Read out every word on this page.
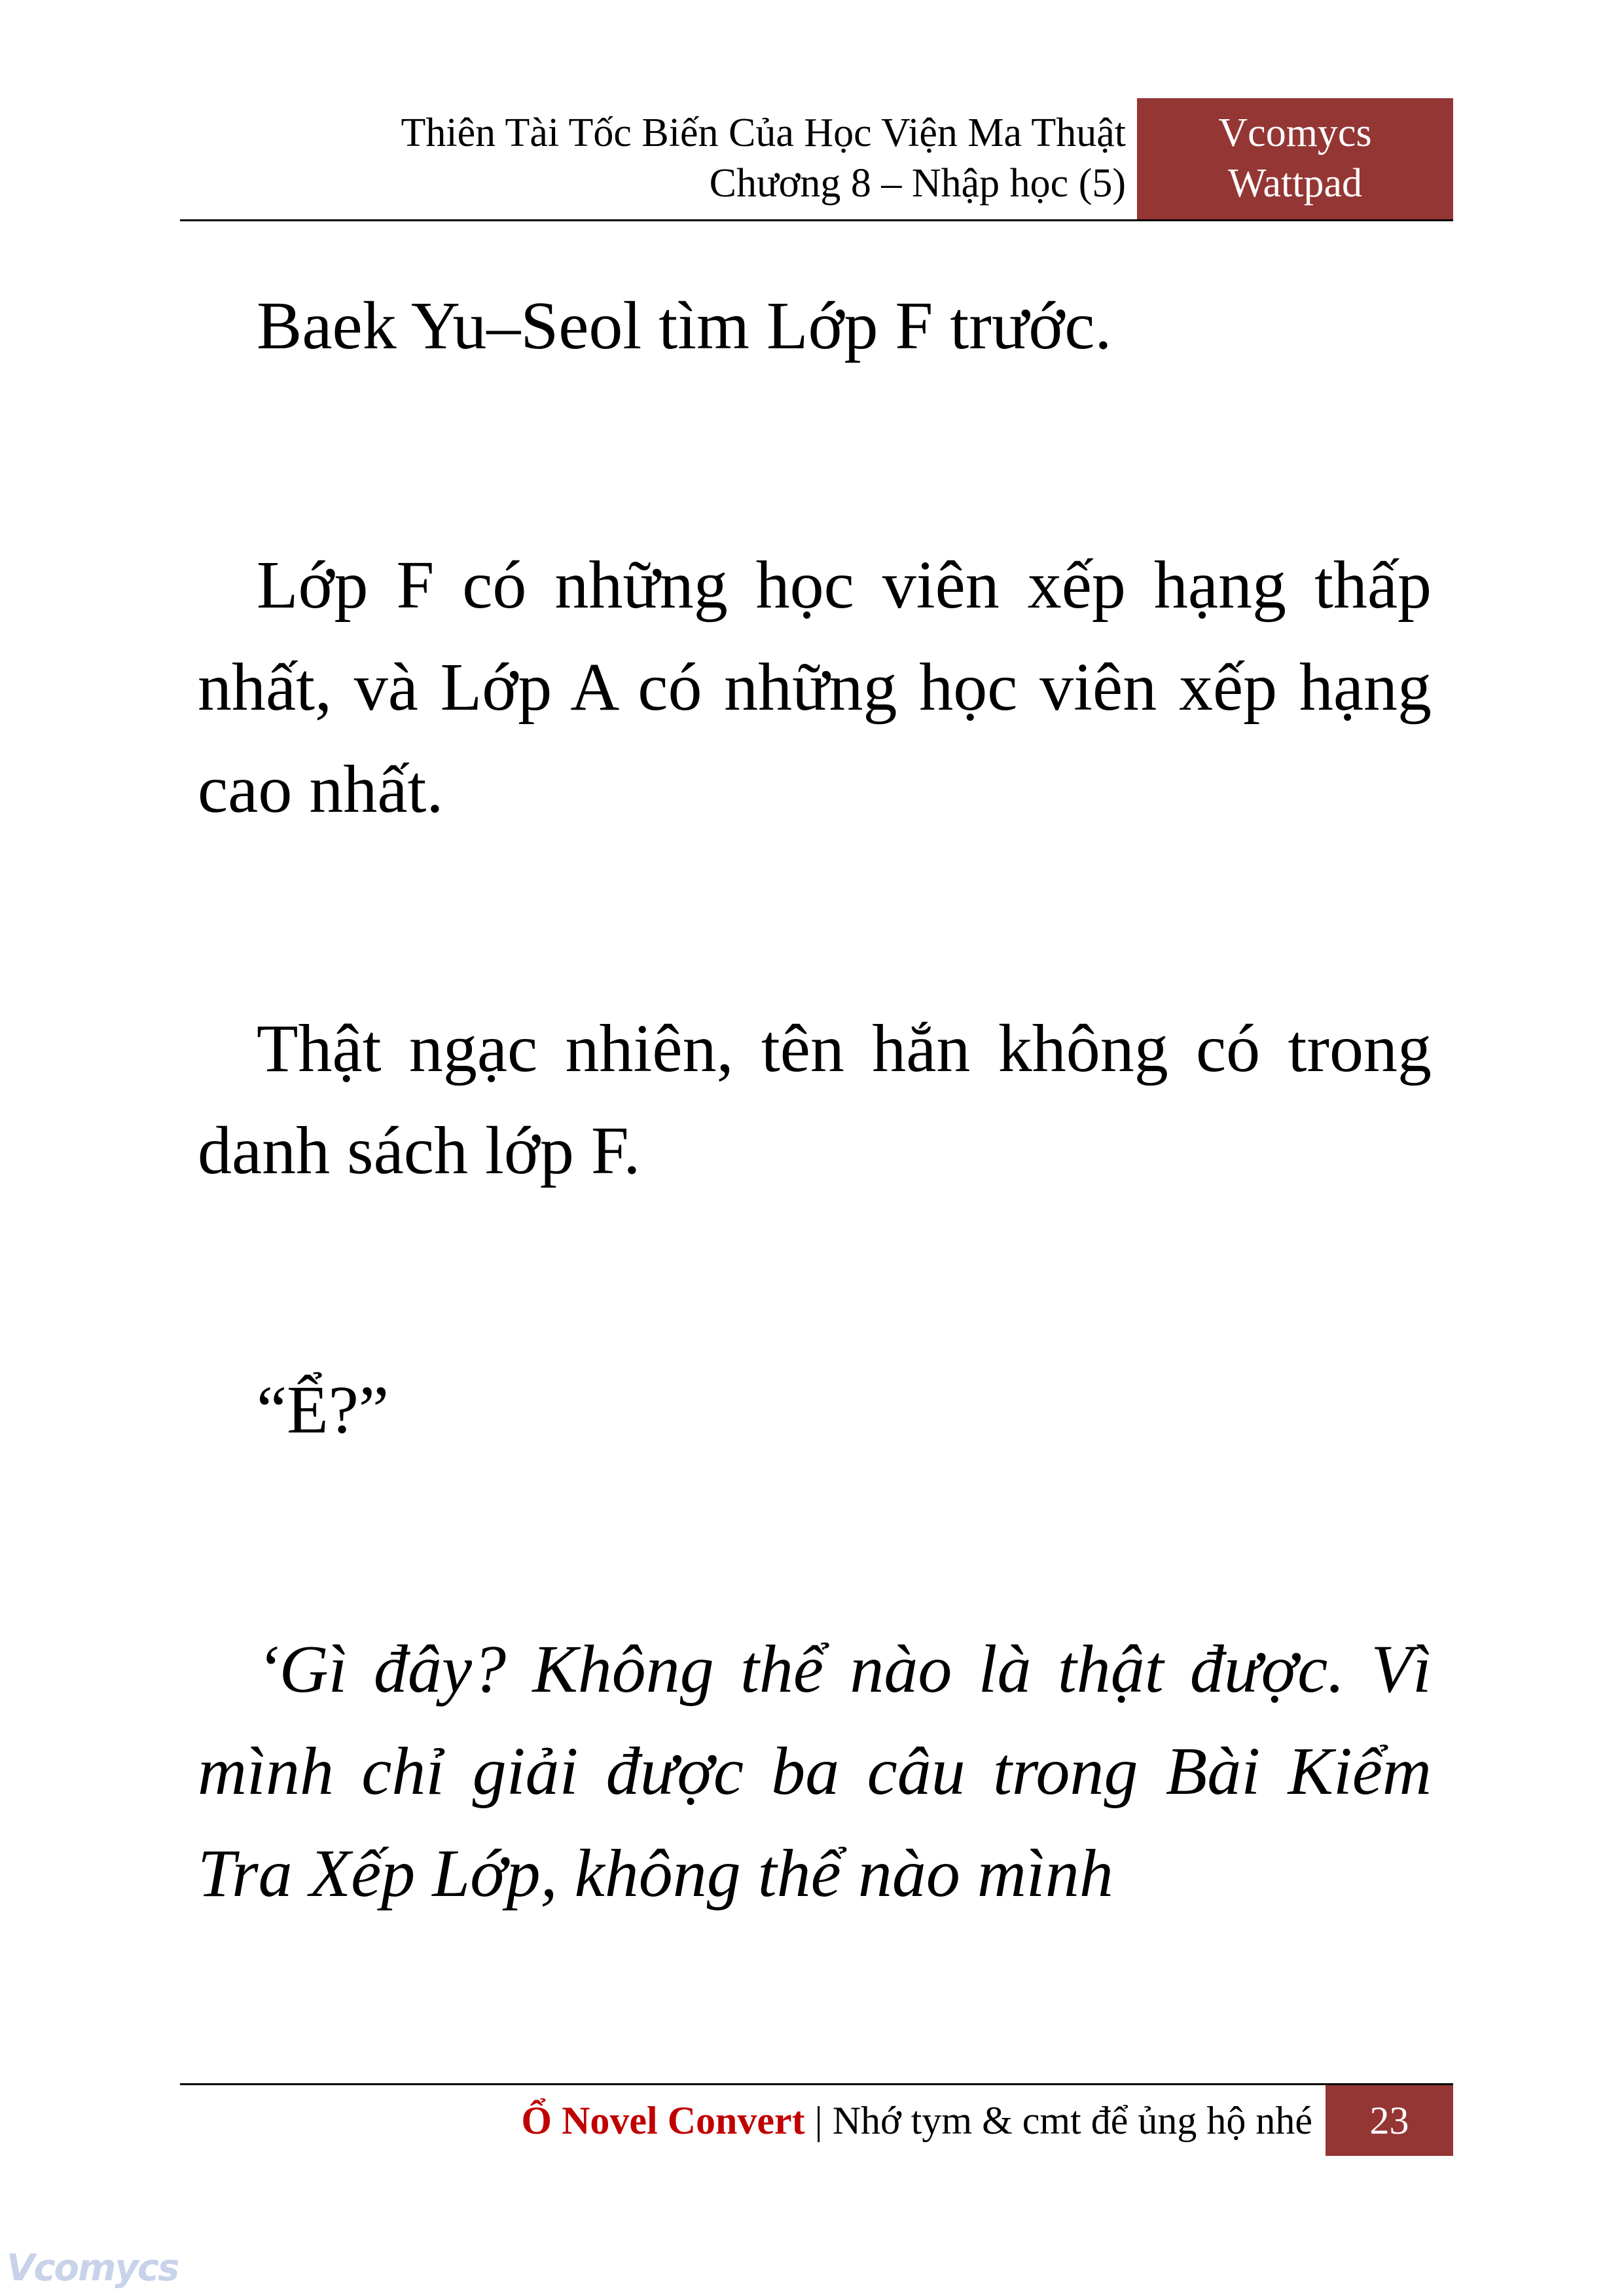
Thiên Tài Tốc Biến Của Học Viện Ma Thuật
Chương 8 – Nhập học (5)
Vcomycs
Wattpad

Baek Yu–Seol tìm Lớp F trước.

Lớp F có những học viên xếp hạng thấp nhất, và Lớp A có những học viên xếp hạng cao nhất.

Thật ngạc nhiên, tên hắn không có trong danh sách lớp F.

“Ể?”

‘Gì đây? Không thể nào là thật được. Vì mình chỉ giải được ba câu trong Bài Kiểm Tra Xếp Lớp, không thể nào mình

Ổ Novel Convert | Nhớ tym & cmt để ủng hộ nhé	23
Vcomycs
